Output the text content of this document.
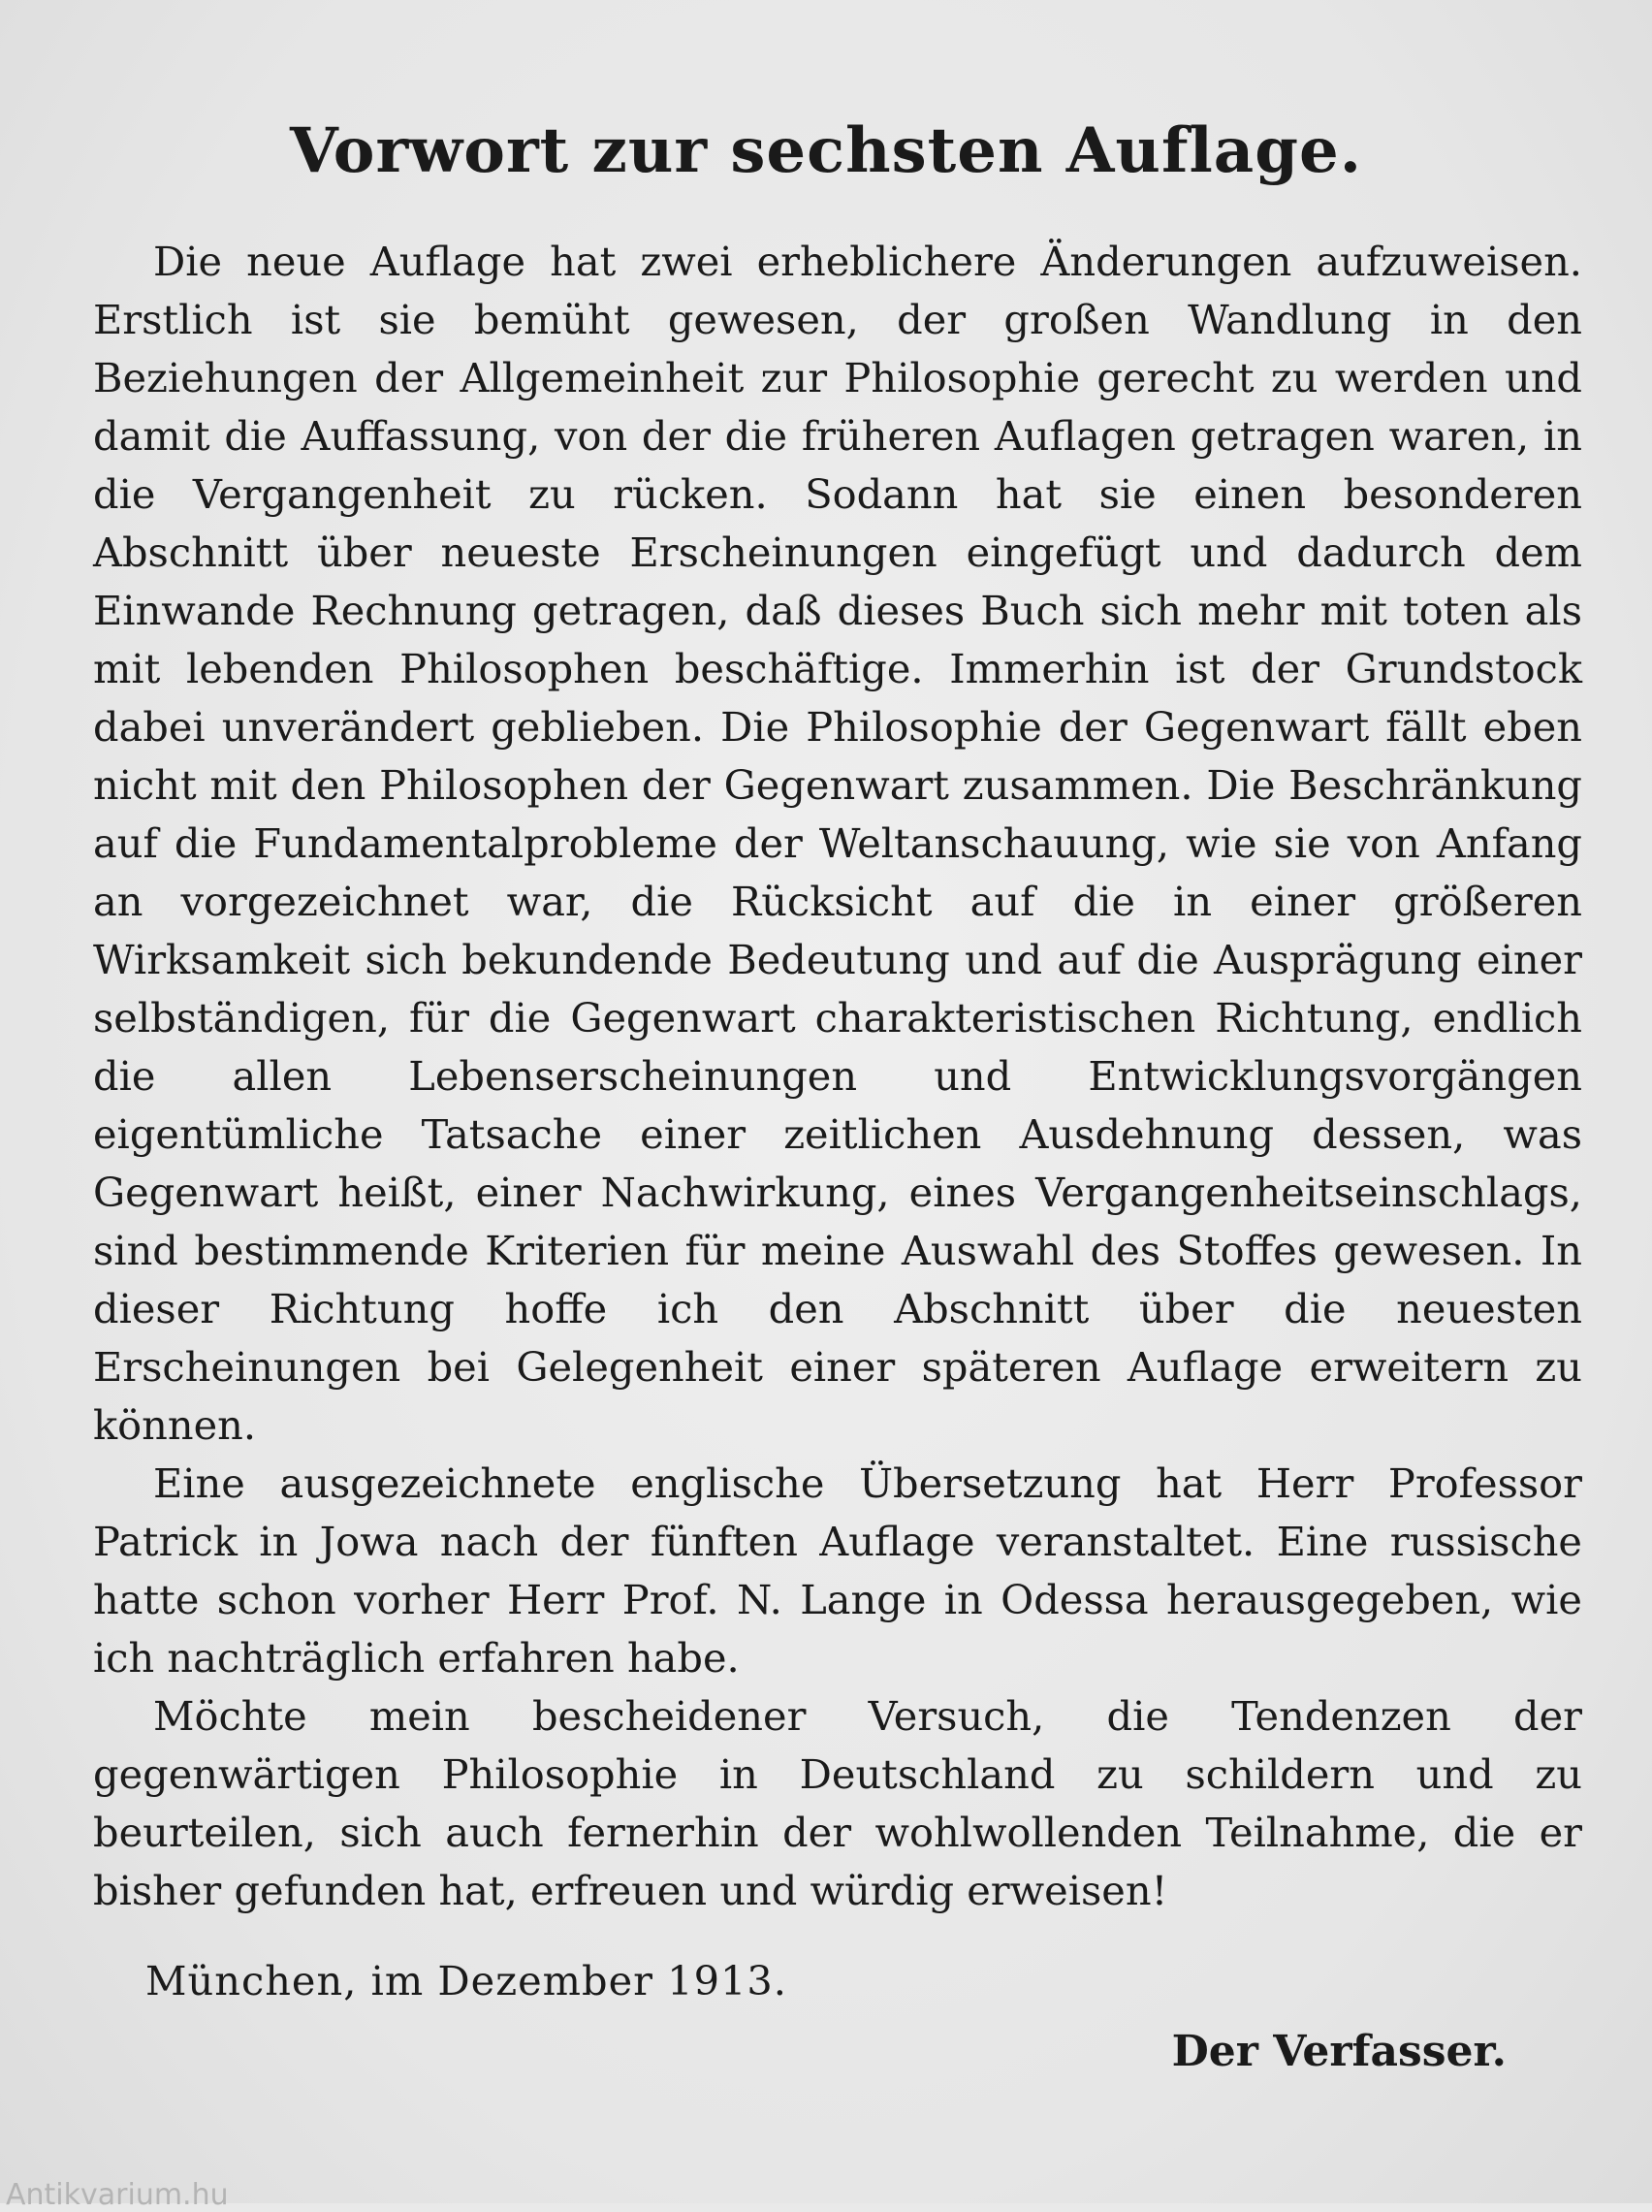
Vorwort zur sechsten Auflage.

Die neue Auflage hat zwei erheblichere Änderungen aufzuweisen. Erstlich ist sie bemüht gewesen, der großen Wandlung in den Beziehungen der Allgemeinheit zur Philosophie gerecht zu werden und damit die Auffassung, von der die früheren Auflagen getragen waren, in die Vergangenheit zu rücken. Sodann hat sie einen besonderen Abschnitt über neueste Erscheinungen eingefügt und dadurch dem Einwande Rechnung getragen, daß dieses Buch sich mehr mit toten als mit lebenden Philosophen beschäftige. Immerhin ist der Grundstock dabei unverändert geblieben. Die Philosophie der Gegenwart fällt eben nicht mit den Philosophen der Gegenwart zusammen. Die Beschränkung auf die Fundamentalprobleme der Weltanschauung, wie sie von Anfang an vorgezeichnet war, die Rücksicht auf die in einer größeren Wirksamkeit sich bekundende Bedeutung und auf die Ausprägung einer selbständigen, für die Gegenwart charakteristischen Richtung, endlich die allen Lebenserscheinungen und Entwicklungsvorgängen eigentümliche Tatsache einer zeitlichen Ausdehnung dessen, was Gegenwart heißt, einer Nachwirkung, eines Vergangenheitseinschlags, sind bestimmende Kriterien für meine Auswahl des Stoffes gewesen. In dieser Richtung hoffe ich den Abschnitt über die neuesten Erscheinungen bei Gelegenheit einer späteren Auflage erweitern zu können.

Eine ausgezeichnete englische Übersetzung hat Herr Professor Patrick in Jowa nach der fünften Auflage veranstaltet. Eine russische hatte schon vorher Herr Prof. N. Lange in Odessa herausgegeben, wie ich nachträglich erfahren habe.

Möchte mein bescheidener Versuch, die Tendenzen der gegenwärtigen Philosophie in Deutschland zu schildern und zu beurteilen, sich auch fernerhin der wohlwollenden Teilnahme, die er bisher gefunden hat, erfreuen und würdig erweisen!

München, im Dezember 1913.

Der Verfasser.

Antikvarium.hu
